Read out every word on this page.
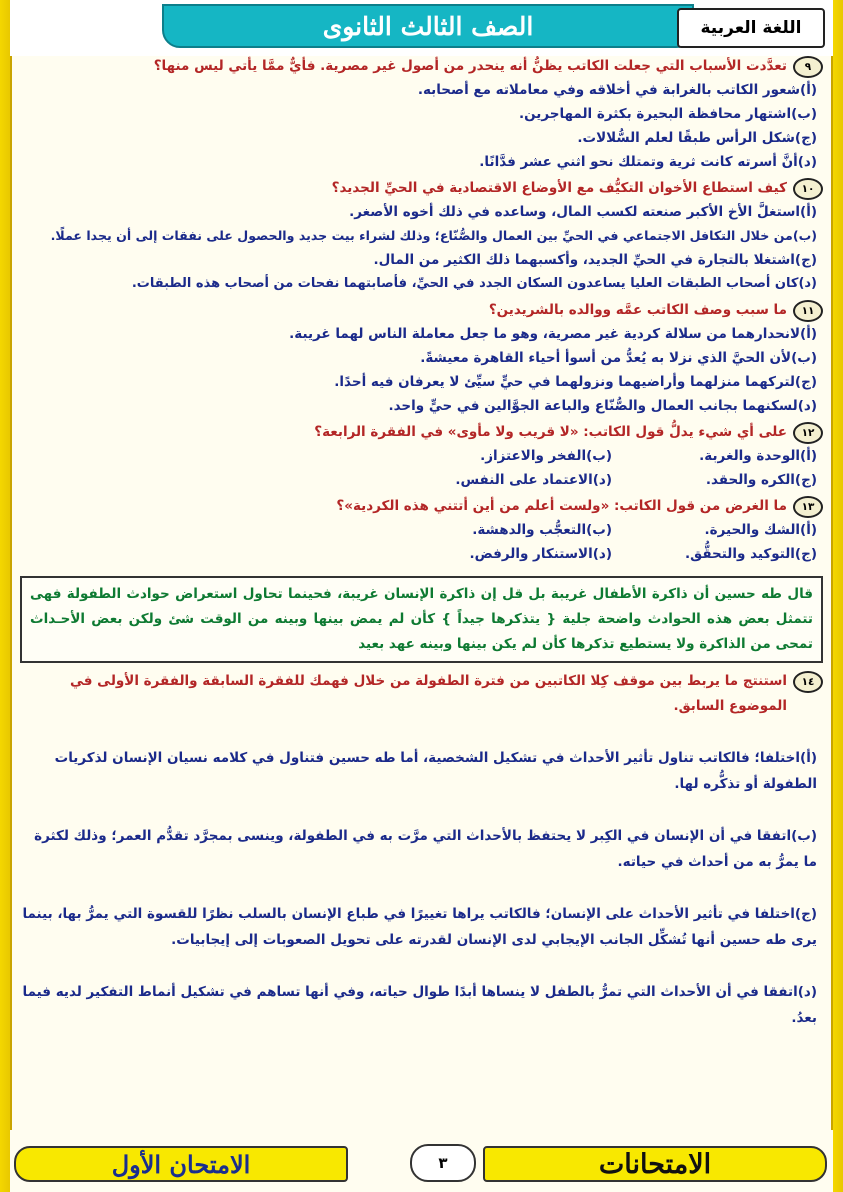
الصف الثالث الثانوى	اللغة العربية
٩
تعدَّدت الأسباب التي جعلت الكاتب يظنُّ أنه ينحدر من أصول غير مصرية. فأيٌّ ممَّا يأتي ليس منها؟
(أ)شعور الكاتب بالغرابة في أخلاقه وفي معاملاته مع أصحابه.
(ب)اشتهار محافظة البحيرة بكثرة المهاجرين.
(ج)شكل الرأس طبقًا لعلم السُّلالات.
(د)أنَّ أسرته كانت ثرية وتمتلك نحو اثني عشر فدَّانًا.
١٠
كيف استطاع الأخوان التكيُّف مع الأوضاع الاقتصادية في الحيِّ الجديد؟
(أ)استغلَّ الأخ الأكبر صنعته لكسب المال، وساعده في ذلك أخوه الأصغر.
(ب)من خلال التكافل الاجتماعي في الحيِّ بين العمال والصُّنّاع؛ وذلك لشراء بيت جديد والحصول على نفقات إلى أن يجدا عملًا.
(ج)اشتغلا بالتجارة في الحيِّ الجديد، وأكسبهما ذلك الكثير من المال.
(د)كان أصحاب الطبقات العليا يساعدون السكان الجدد في الحيِّ، فأصابتهما نفحات من أصحاب هذه الطبقات.
١١
ما سبب وصف الكاتب عمَّه ووالده بالشريدين؟
(أ)لانحدارهما من سلالة كردية غير مصرية، وهو ما جعل معاملة الناس لهما غريبة.
(ب)لأن الحيَّ الذي نزلا به يُعدُّ من أسوأ أحياء القاهرة معيشةً.
(ج)لتركهما منزلهما وأراضيهما ونزولهما في حيٍّ سيِّئ لا يعرفان فيه أحدًا.
(د)لسكنهما بجانب العمال والصُّنّاع والباعة الجوَّالين في حيٍّ واحد.
١٢
على أي شيء يدلُّ قول الكاتب: «لا قريب ولا مأوى» في الفقرة الرابعة؟
(أ)الوحدة والغربة.
(ب)الفخر والاعتزاز.
(ج)الكره والحقد.
(د)الاعتماد على النفس.
١٣
ما الغرض من قول الكاتب: «ولست أعلم من أين أتتني هذه الكردية»؟
(أ)الشك والحيرة.
(ب)التعجُّب والدهشة.
(ج)التوكيد والتحقُّق.
(د)الاستنكار والرفض.
قال طه حسين أن ذاكرة الأطفال غريبة بل قل إن ذاكرة الإنسان غريبة، فحينما تحاول استعراض حوادث الطفولة فهى تتمثل بعض هذه الحوادث واضحة جلية { يتذكرها جيداً } كأن لم يمض بينها وبينه من الوقت شئ ولكن بعض الأحـداث تمحى من الذاكرة ولا يستطيع تذكرها كأن لم يكن بينها وبينه عهد بعيد
١٤
استنتج ما يربط بين موقف كِلا الكاتبين من فترة الطفولة من خلال فهمك للفقرة السابقة والفقرة الأولى في الموضوع السابق.
(أ)اختلفا؛ فالكاتب تناول تأثير الأحداث في تشكيل الشخصية، أما طه حسين فتناول في كلامه نسيان الإنسان لذكريات الطفولة أو تذكُّره لها.
(ب)اتفقا في أن الإنسان في الكِبر لا يحتفظ بالأحداث التي مرَّت به في الطفولة، وينسى بمجرَّد تقدُّم العمر؛ وذلك لكثرة ما يمرُّ به من أحداث في حياته.
(ج)اختلفا في تأثير الأحداث على الإنسان؛ فالكاتب يراها تغييرًا في طباع الإنسان بالسلب نظرًا للقسوة التي يمرُّ بها، بينما يرى طه حسين أنها تُشكِّل الجانب الإيجابي لدى الإنسان لقدرته على تحويل الصعوبات إلى إيجابيات.
(د)اتفقا في أن الأحداث التي تمرُّ بالطفل لا ينساها أبدًا طوال حياته، وفي أنها تساهم في تشكيل أنماط التفكير لديه فيما بعدُ.
الامتحانات
٣
الامتحان الأول
